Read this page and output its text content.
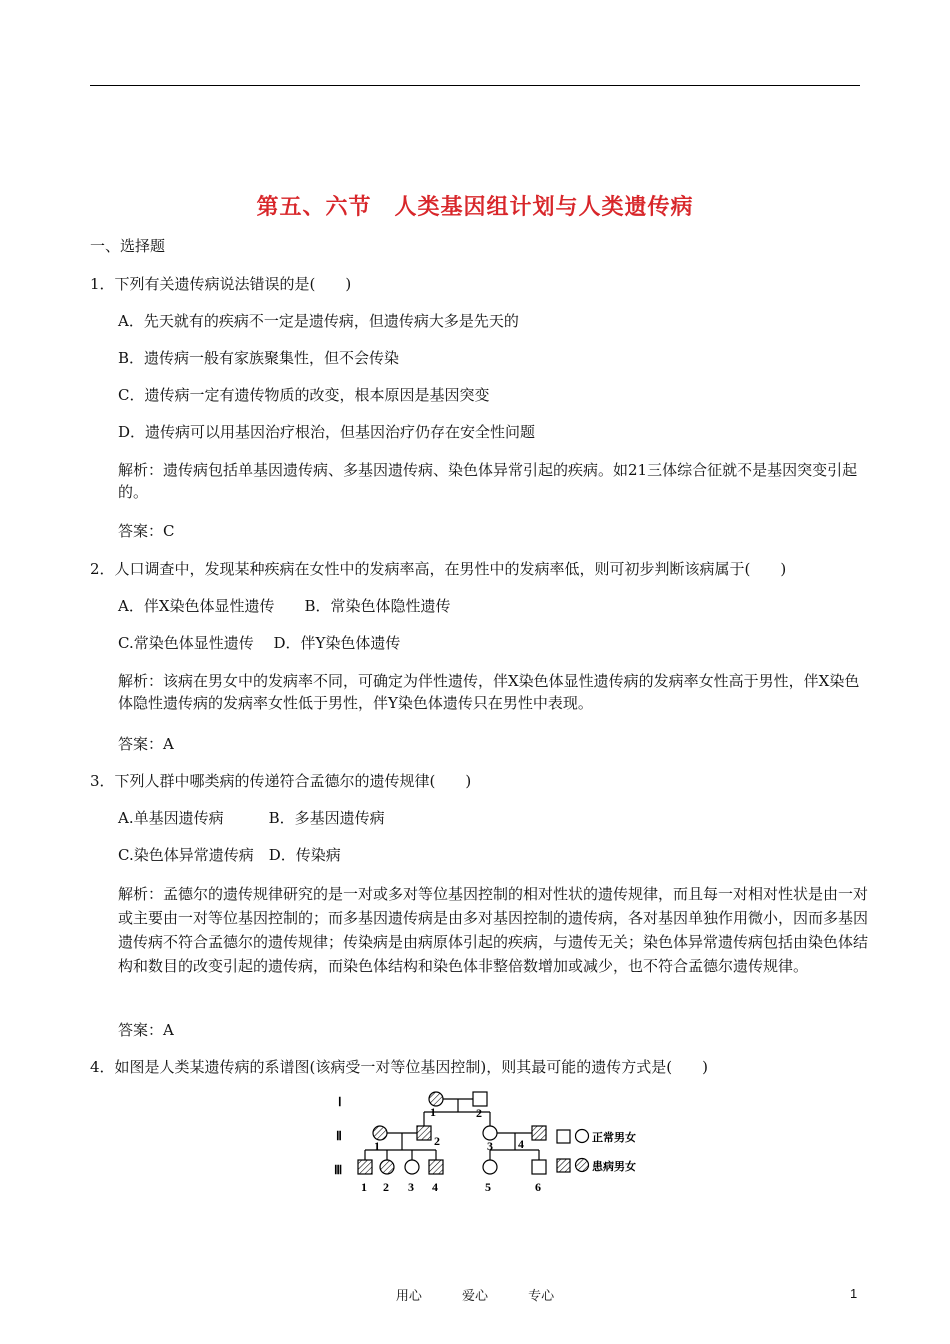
第五、六节　人类基因组计划与人类遗传病
一、选择题
1．下列有关遗传病说法错误的是(　　)
A．先天就有的疾病不一定是遗传病，但遗传病大多是先天的
B．遗传病一般有家族聚集性，但不会传染
C．遗传病一定有遗传物质的改变，根本原因是基因突变
D．遗传病可以用基因治疗根治，但基因治疗仍存在安全性问题
解析：遗传病包括单基因遗传病、多基因遗传病、染色体异常引起的疾病。如21三体综合征就不是基因突变引起的。
答案：C
2．人口调查中，发现某种疾病在女性中的发病率高，在男性中的发病率低，则可初步判断该病属于(　　)
A．伴X染色体显性遗传　　B．常染色体隐性遗传
C.常染色体显性遗传　 D．伴Y染色体遗传
解析：该病在男女中的发病率不同，可确定为伴性遗传，伴X染色体显性遗传病的发病率女性高于男性，伴X染色体隐性遗传病的发病率女性低于男性，伴Y染色体遗传只在男性中表现。
答案：A
3．下列人群中哪类病的传递符合孟德尔的遗传规律(　　)
A.单基因遗传病　　　B．多基因遗传病
C.染色体异常遗传病　D．传染病
解析：孟德尔的遗传规律研究的是一对或多对等位基因控制的相对性状的遗传规律，而且每一对相对性状是由一对或主要由一对等位基因控制的；而多基因遗传病是由多对基因控制的遗传病，各对基因单独作用微小，因而多基因遗传病不符合孟德尔的遗传规律；传染病是由病原体引起的疾病，与遗传无关；染色体异常遗传病包括由染色体结构和数目的改变引起的遗传病，而染色体结构和染色体非整倍数增加或减少，也不符合孟德尔遗传规律。
答案：A
4．如图是人类某遗传病的系谱图(该病受一对等位基因控制)，则其最可能的遗传方式是(　　)
Ⅰ
Ⅱ
Ⅲ
1	2
1	2	3 4
1 2 3 4	5	6
正常男女
患病男女
用心	爱心	专心	1
